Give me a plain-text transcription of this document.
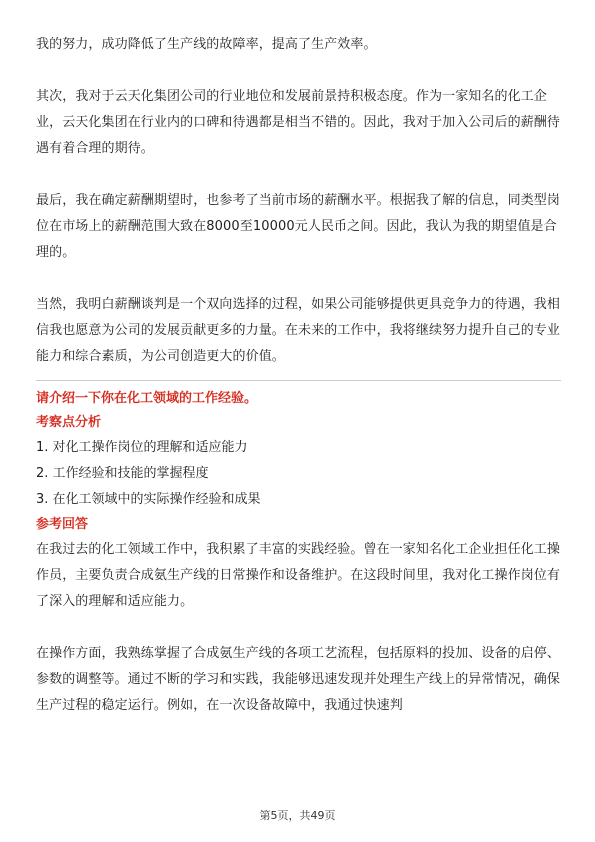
我的努力，成功降低了生产线的故障率，提高了生产效率。

其次，我对于云天化集团公司的行业地位和发展前景持积极态度。作为一家知名的化工企业，云天化集团在行业内的口碑和待遇都是相当不错的。因此，我对于加入公司后的薪酬待遇有着合理的期待。

最后，我在确定薪酬期望时，也参考了当前市场的薪酬水平。根据我了解的信息，同类型岗位在市场上的薪酬范围大致在8000至10000元人民币之间。因此，我认为我的期望值是合理的。

当然，我明白薪酬谈判是一个双向选择的过程，如果公司能够提供更具竞争力的待遇，我相信我也愿意为公司的发展贡献更多的力量。在未来的工作中，我将继续努力提升自己的专业能力和综合素质，为公司创造更大的价值。

请介绍一下你在化工领域的工作经验。
考察点分析
1. 对化工操作岗位的理解和适应能力
2. 工作经验和技能的掌握程度
3. 在化工领域中的实际操作经验和成果
参考回答

在我过去的化工领域工作中，我积累了丰富的实践经验。曾在一家知名化工企业担任化工操作员，主要负责合成氨生产线的日常操作和设备维护。在这段时间里，我对化工操作岗位有了深入的理解和适应能力。

在操作方面，我熟练掌握了合成氨生产线的各项工艺流程，包括原料的投加、设备的启停、参数的调整等。通过不断的学习和实践，我能够迅速发现并处理生产线上的异常情况，确保生产过程的稳定运行。例如，在一次设备故障中，我通过快速判

第5页，共49页
